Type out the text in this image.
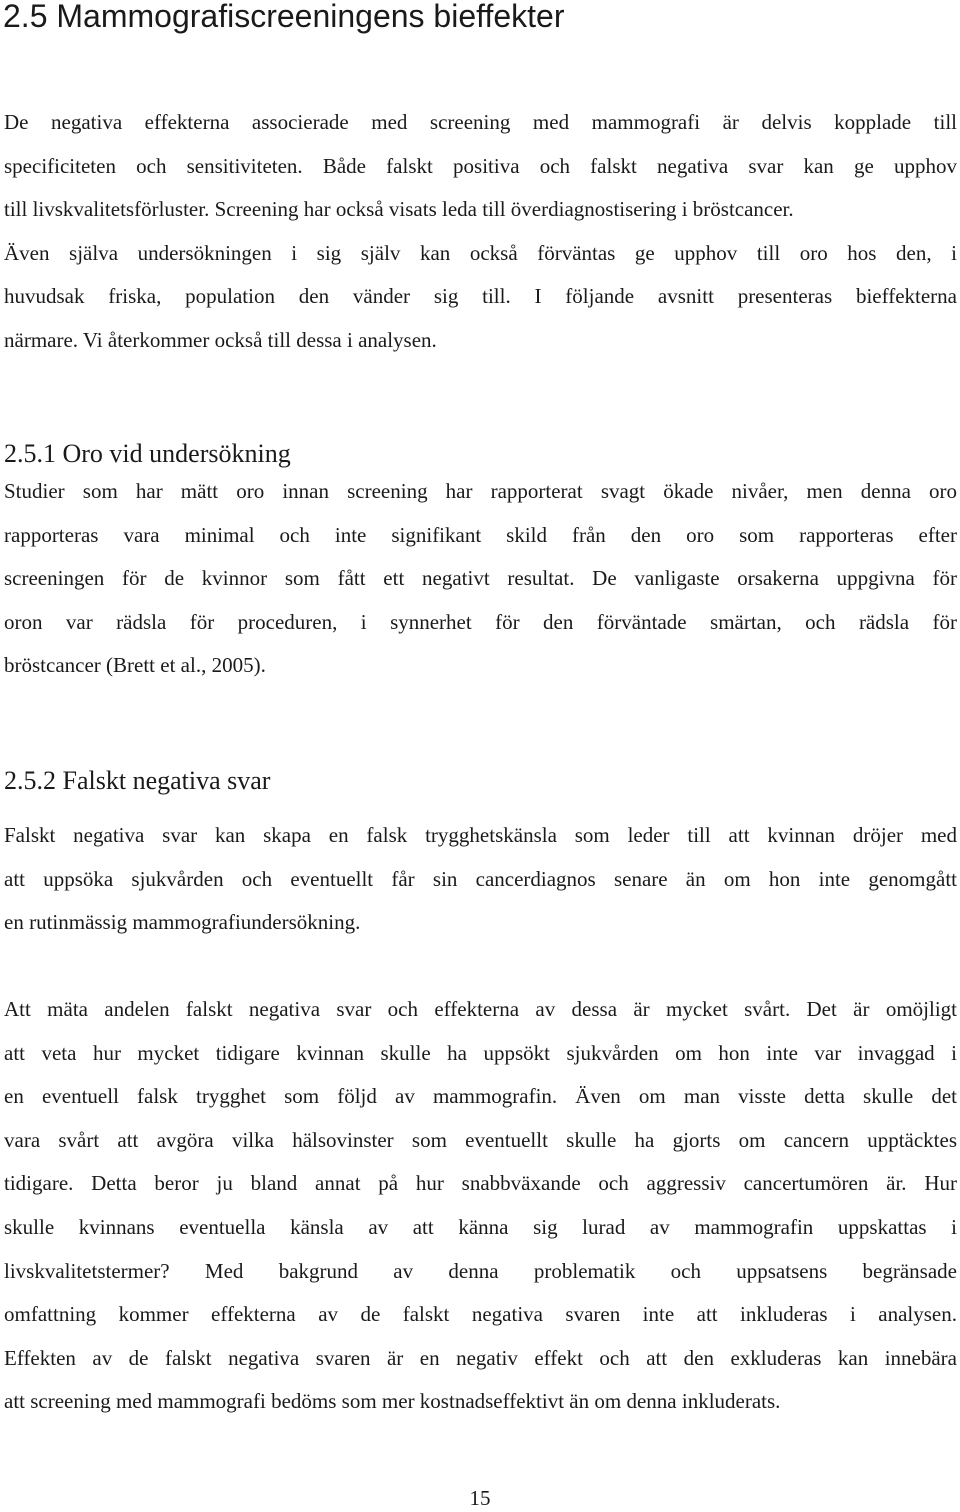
2.5 Mammografiscreeningens bieffekter
De negativa effekterna associerade med screening med mammografi är delvis kopplade till
specificiteten och sensitiviteten. Både falskt positiva och falskt negativa svar kan ge upphov
till livskvalitetsförluster. Screening har också visats leda till överdiagnostisering i bröstcancer.
Även själva undersökningen i sig själv kan också förväntas ge upphov till oro hos den, i
huvudsak friska, population den vänder sig till. I följande avsnitt presenteras bieffekterna
närmare. Vi återkommer också till dessa i analysen.
2.5.1 Oro vid undersökning
Studier som har mätt oro innan screening har rapporterat svagt ökade nivåer, men denna oro
rapporteras vara minimal och inte signifikant skild från den oro som rapporteras efter
screeningen för de kvinnor som fått ett negativt resultat. De vanligaste orsakerna uppgivna för
oron var rädsla för proceduren, i synnerhet för den förväntade smärtan, och rädsla för
bröstcancer (Brett et al., 2005).
2.5.2 Falskt negativa svar
Falskt negativa svar kan skapa en falsk trygghetskänsla som leder till att kvinnan dröjer med
att uppsöka sjukvården och eventuellt får sin cancerdiagnos senare än om hon inte genomgått
en rutinmässig mammografiundersökning.
Att mäta andelen falskt negativa svar och effekterna av dessa är mycket svårt. Det är omöjligt
att veta hur mycket tidigare kvinnan skulle ha uppsökt sjukvården om hon inte var invaggad i
en eventuell falsk trygghet som följd av mammografin. Även om man visste detta skulle det
vara svårt att avgöra vilka hälsovinster som eventuellt skulle ha gjorts om cancern upptäcktes
tidigare. Detta beror ju bland annat på hur snabbväxande och aggressiv cancertumören är. Hur
skulle kvinnans eventuella känsla av att känna sig lurad av mammografin uppskattas i
livskvalitetstermer? Med bakgrund av denna problematik och uppsatsens begränsade
omfattning kommer effekterna av de falskt negativa svaren inte att inkluderas i analysen.
Effekten av de falskt negativa svaren är en negativ effekt och att den exkluderas kan innebära
att screening med mammografi bedöms som mer kostnadseffektivt än om denna inkluderats.
15
